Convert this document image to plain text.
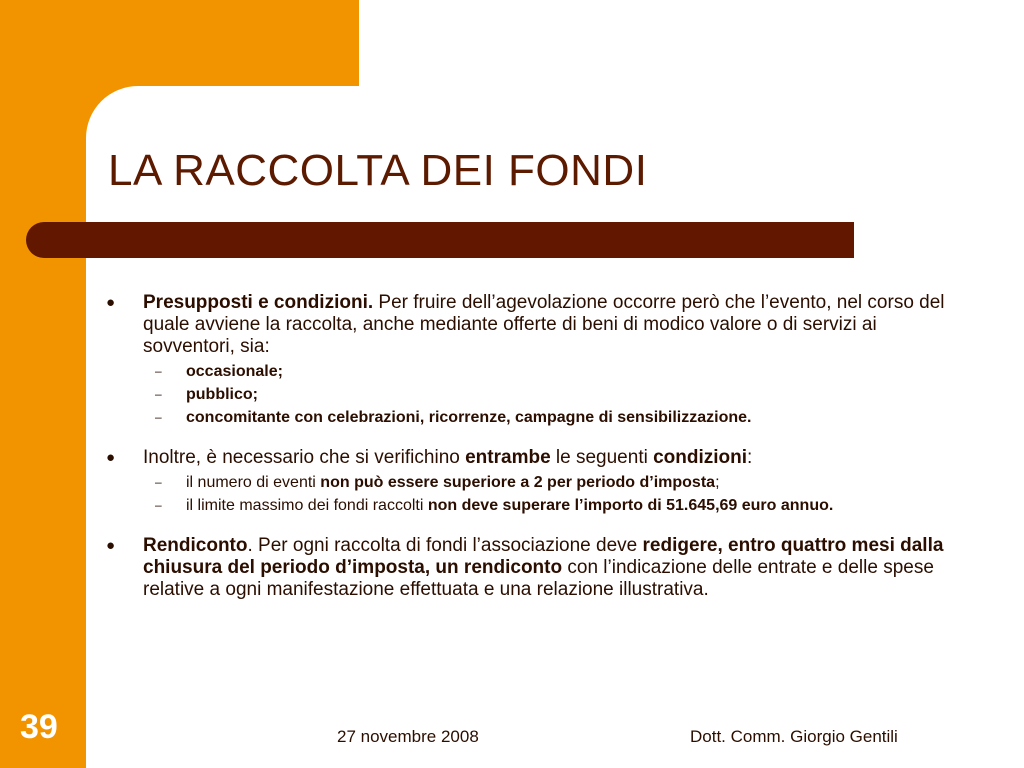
LA RACCOLTA DEI FONDI
● Presupposti e condizioni. Per fruire dell’agevolazione occorre però che l’evento, nel corso del quale avviene la raccolta, anche mediante offerte di beni di modico valore o di servizi ai sovventori, sia:
– occasionale;
– pubblico;
– concomitante con celebrazioni, ricorrenze, campagne di sensibilizzazione.
● Inoltre, è necessario che si verifichino entrambe le seguenti condizioni:
– il numero di eventi non può essere superiore a 2 per periodo d’imposta;
– il limite massimo dei fondi raccolti non deve superare l’importo di 51.645,69 euro annuo.
● Rendiconto. Per ogni raccolta di fondi l’associazione deve redigere, entro quattro mesi dalla chiusura del periodo d’imposta, un rendiconto con l’indicazione delle entrate e delle spese relative a ogni manifestazione effettuata e una relazione illustrativa.
39	27 novembre 2008	Dott. Comm. Giorgio Gentili
